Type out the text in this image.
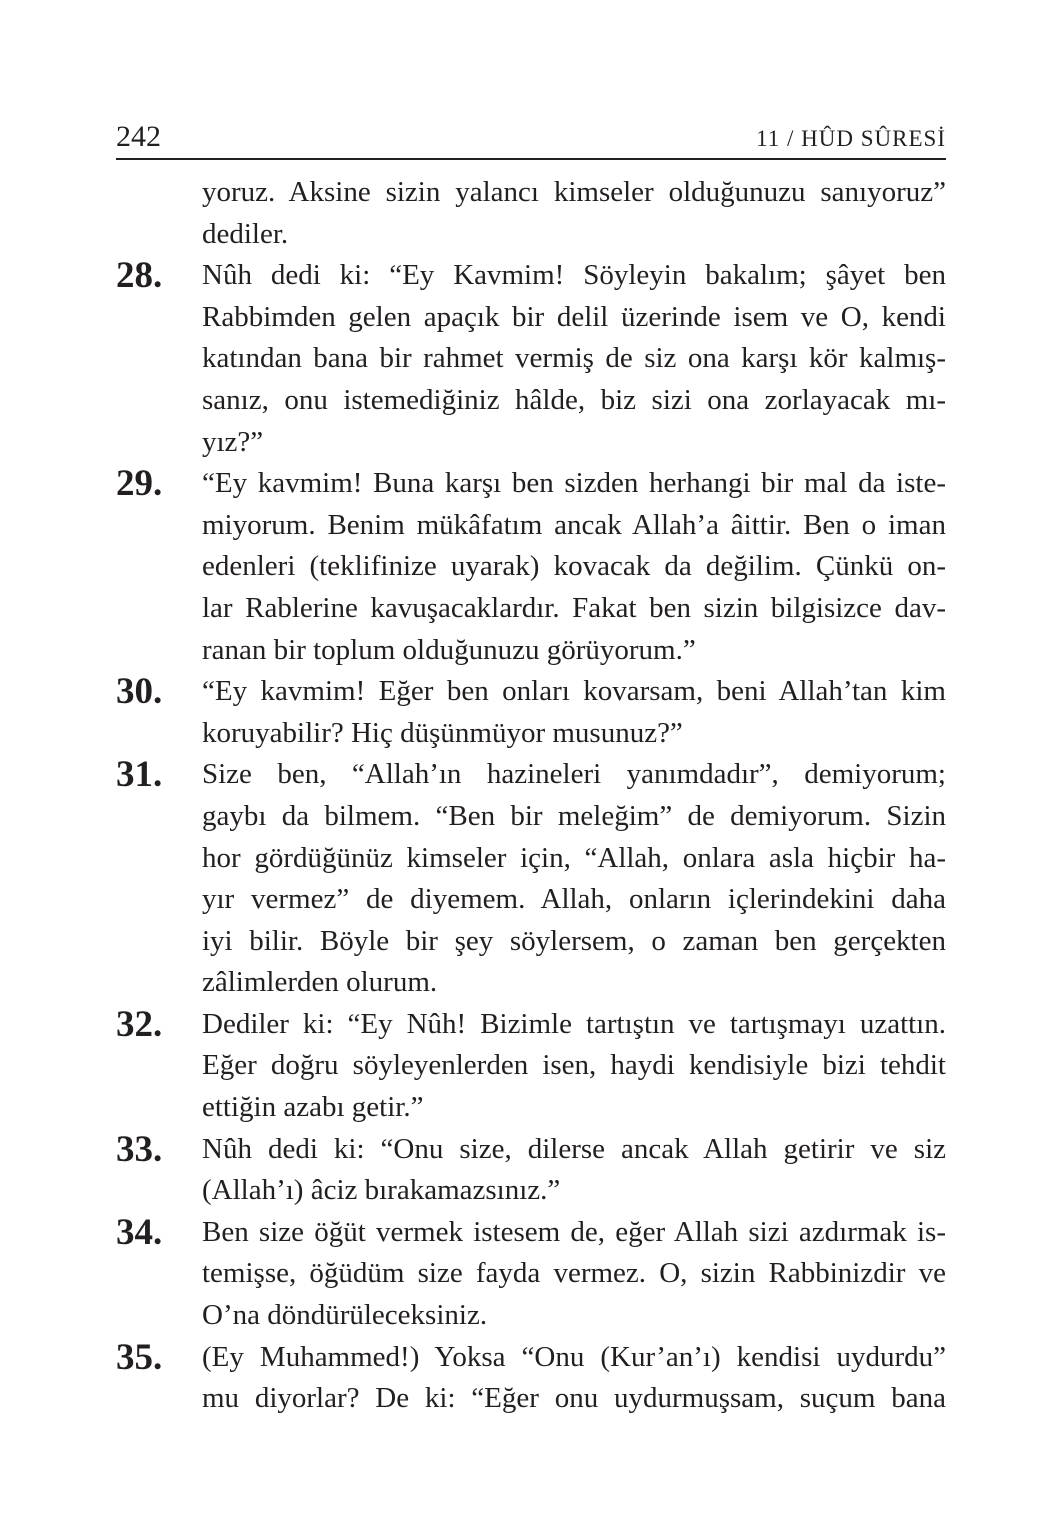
242	11 / HÛD SÛRESİ
yoruz. Aksine sizin yalancı kimseler olduğunuzu sanıyoruz”
dediler.
28. Nûh dedi ki: “Ey Kavmim! Söyleyin bakalım; şâyet ben
Rabbimden gelen apaçık bir delil üzerinde isem ve O, kendi
katından bana bir rahmet vermiş de siz ona karşı kör kalmış-
sanız, onu istemediğiniz hâlde, biz sizi ona zorlayacak mı-
yız?”
29. “Ey kavmim! Buna karşı ben sizden herhangi bir mal da iste-
miyorum. Benim mükâfatım ancak Allah’a âittir. Ben o iman
edenleri (teklifinize uyarak) kovacak da değilim. Çünkü on-
lar Rablerine kavuşacaklardır. Fakat ben sizin bilgisizce dav-
ranan bir toplum olduğunuzu görüyorum.”
30. “Ey kavmim! Eğer ben onları kovarsam, beni Allah’tan kim
koruyabilir? Hiç düşünmüyor musunuz?”
31. Size ben, “Allah’ın hazineleri yanımdadır”, demiyorum;
gaybı da bilmem. “Ben bir meleğim” de demiyorum. Sizin
hor gördüğünüz kimseler için, “Allah, onlara asla hiçbir ha-
yır vermez” de diyemem. Allah, onların içlerindekini daha
iyi bilir. Böyle bir şey söylersem, o zaman ben gerçekten
zâlimlerden olurum.
32. Dediler ki: “Ey Nûh! Bizimle tartıştın ve tartışmayı uzattın.
Eğer doğru söyleyenlerden isen, haydi kendisiyle bizi tehdit
ettiğin azabı getir.”
33. Nûh dedi ki: “Onu size, dilerse ancak Allah getirir ve siz
(Allah’ı) âciz bırakamazsınız.”
34. Ben size öğüt vermek istesem de, eğer Allah sizi azdırmak is-
temişse, öğüdüm size fayda vermez. O, sizin Rabbinizdir ve
O’na döndürüleceksiniz.
35. (Ey Muhammed!) Yoksa “Onu (Kur’an’ı) kendisi uydurdu”
mu diyorlar? De ki: “Eğer onu uydurmuşsam, suçum bana
